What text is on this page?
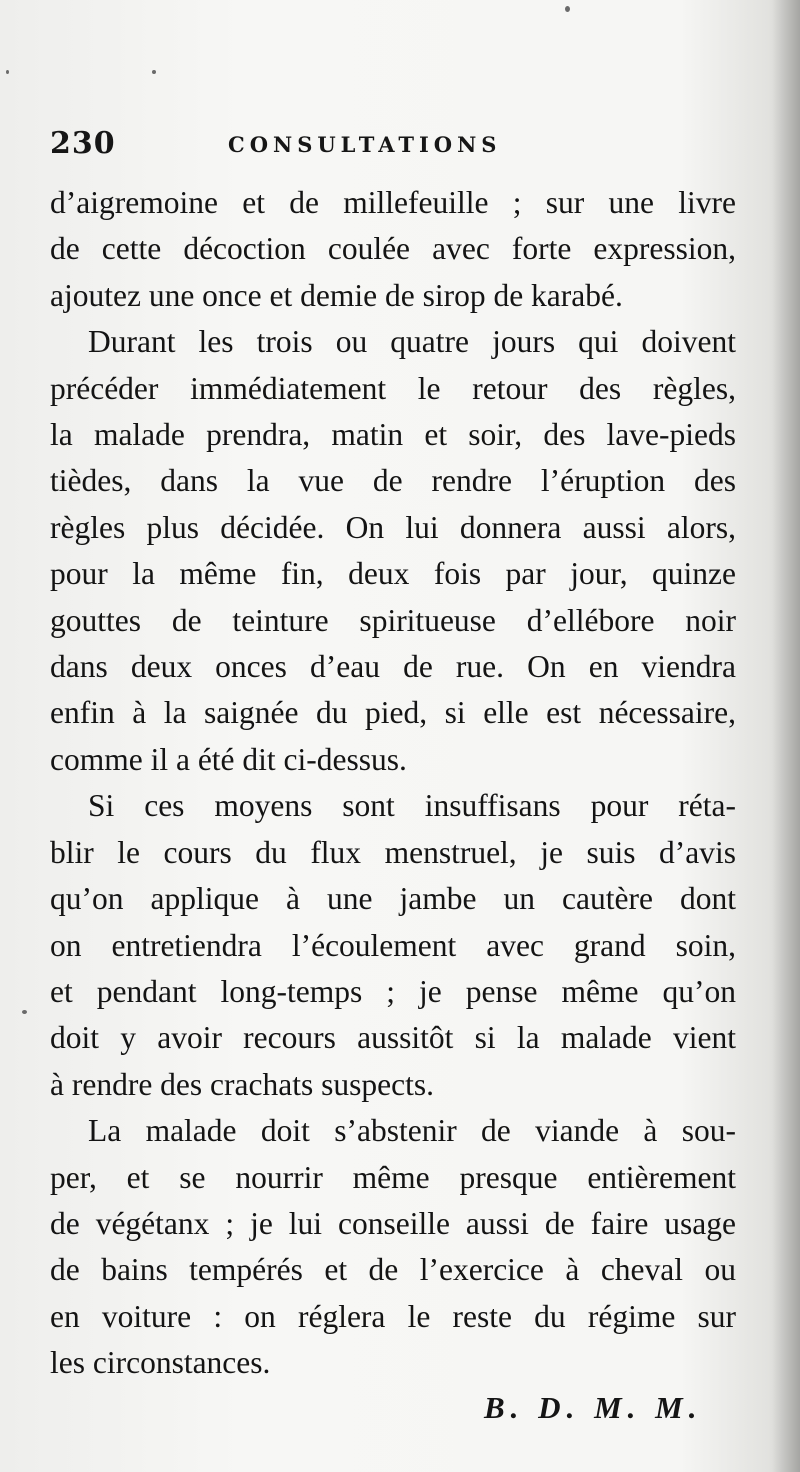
230	CONSULTATIONS

d’aigremoine et de millefeuille ; sur une livre
de cette décoction coulée avec forte expression,
ajoutez une once et demie de sirop de karabé.

Durant les trois ou quatre jours qui doivent
précéder immédiatement le retour des règles,
la malade prendra, matin et soir, des lave-pieds
tièdes, dans la vue de rendre l’éruption des
règles plus décidée. On lui donnera aussi alors,
pour la même fin, deux fois par jour, quinze
gouttes de teinture spiritueuse d’ellébore noir
dans deux onces d’eau de rue. On en viendra
enfin à la saignée du pied, si elle est nécessaire,
comme il a été dit ci-dessus.

Si ces moyens sont insuffisans pour réta-
blir le cours du flux menstruel, je suis d’avis
qu’on applique à une jambe un cautère dont
on entretiendra l’écoulement avec grand soin,
et pendant long-temps ; je pense même qu’on
doit y avoir recours aussitôt si la malade vient
à rendre des crachats suspects.

La malade doit s’abstenir de viande à sou-
per, et se nourrir même presque entièrement
de végétanx ; je lui conseille aussi de faire usage
de bains tempérés et de l’exercice à cheval ou
en voiture : on réglera le reste du régime sur
les circonstances.

B. D. M. M.
